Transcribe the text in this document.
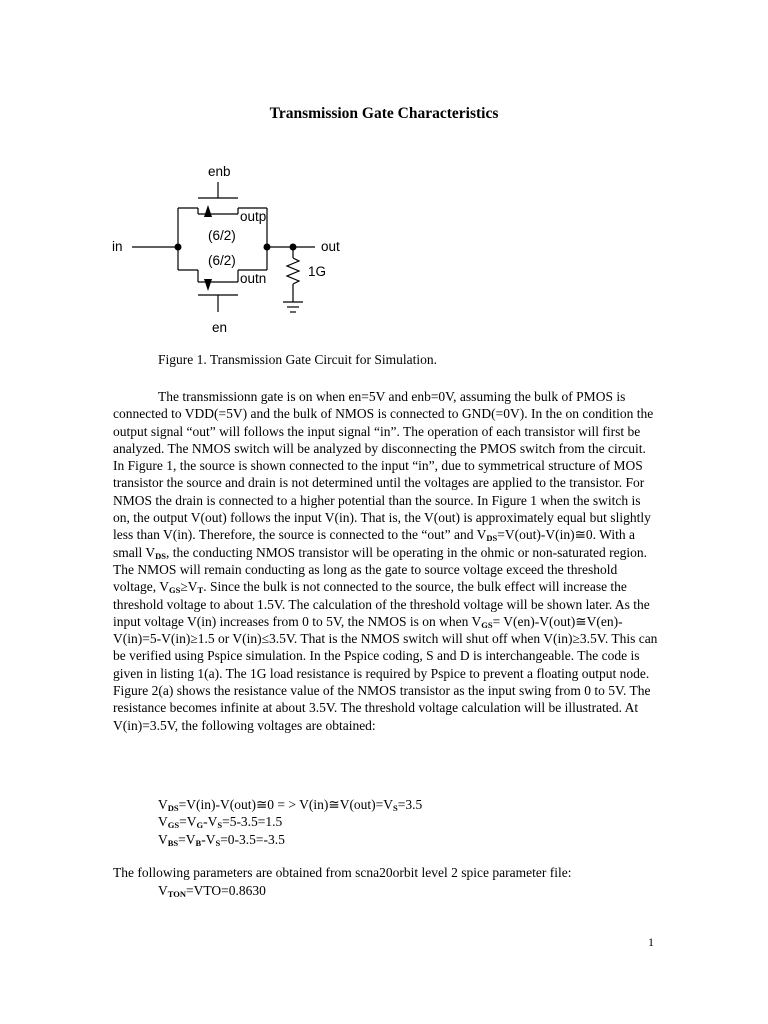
Transmission Gate Characteristics
enb
outp
in
(6/2)
out
(6/2)
1G
outn
en

Figure 1. Transmission Gate Circuit for Simulation.

The transmissionn gate is on when en=5V and enb=0V, assuming the bulk of PMOS is connected to VDD(=5V) and the bulk of NMOS is connected to GND(=0V). In the on condition the output signal “out” will follows the input signal “in”. The operation of each transistor will first be analyzed. The NMOS switch will be analyzed by disconnecting the PMOS switch from the circuit. In Figure 1, the source is shown connected to the input “in”, due to symmetrical structure of MOS transistor the source and drain is not determined until the voltages are applied to the transistor. For NMOS the drain is connected to a higher potential than the source. In Figure 1 when the switch is on, the output V(out) follows the input V(in). That is, the V(out) is approximately equal but slightly less than V(in). Therefore, the source is connected to the “out” and $V_{DS}=V(out)-V(in)≅0$. With a small $V_{DS}$, the conducting NMOS transistor will be operating in the ohmic or non-saturated region. The NMOS will remain conducting as long as the gate to source voltage exceed the threshold voltage, $V_{GS}\ge V_T$. Since the bulk is not connected to the source, the bulk effect will increase the threshold voltage to about 1.5V. The calculation of the threshold voltage will be shown later. As the input voltage V(in) increases from 0 to 5V, the NMOS is on when $V_{GS}=$ V(en)-V(out)≅V(en)-V(in)=5-V(in)≥1.5 or V(in)≤3.5V. That is the NMOS switch will shut off when V(in)≥3.5V. This can be verified using Pspice simulation. In the Pspice coding, S and D is interchangeable. The code is given in listing 1(a). The 1G load resistance is required by Pspice to prevent a floating output node. Figure 2(a) shows the resistance value of the NMOS transistor as the input swing from 0 to 5V. The resistance becomes infinite at about 3.5V. The threshold voltage calculation will be illustrated. At V(in)=3.5V, the following voltages are obtained:

$V_{DS}=V(in)-V(out)≅0$ = > $V(in)≅V(out)=V_S=3.5$
$V_{GS}=V_G-V_S=5-3.5=1.5$
$V_{BS}=V_B-V_S=0-3.5=-3.5$

The following parameters are obtained from scna20orbit level 2 spice parameter file:

$V_{TON}=VTO=0.8630$
1
